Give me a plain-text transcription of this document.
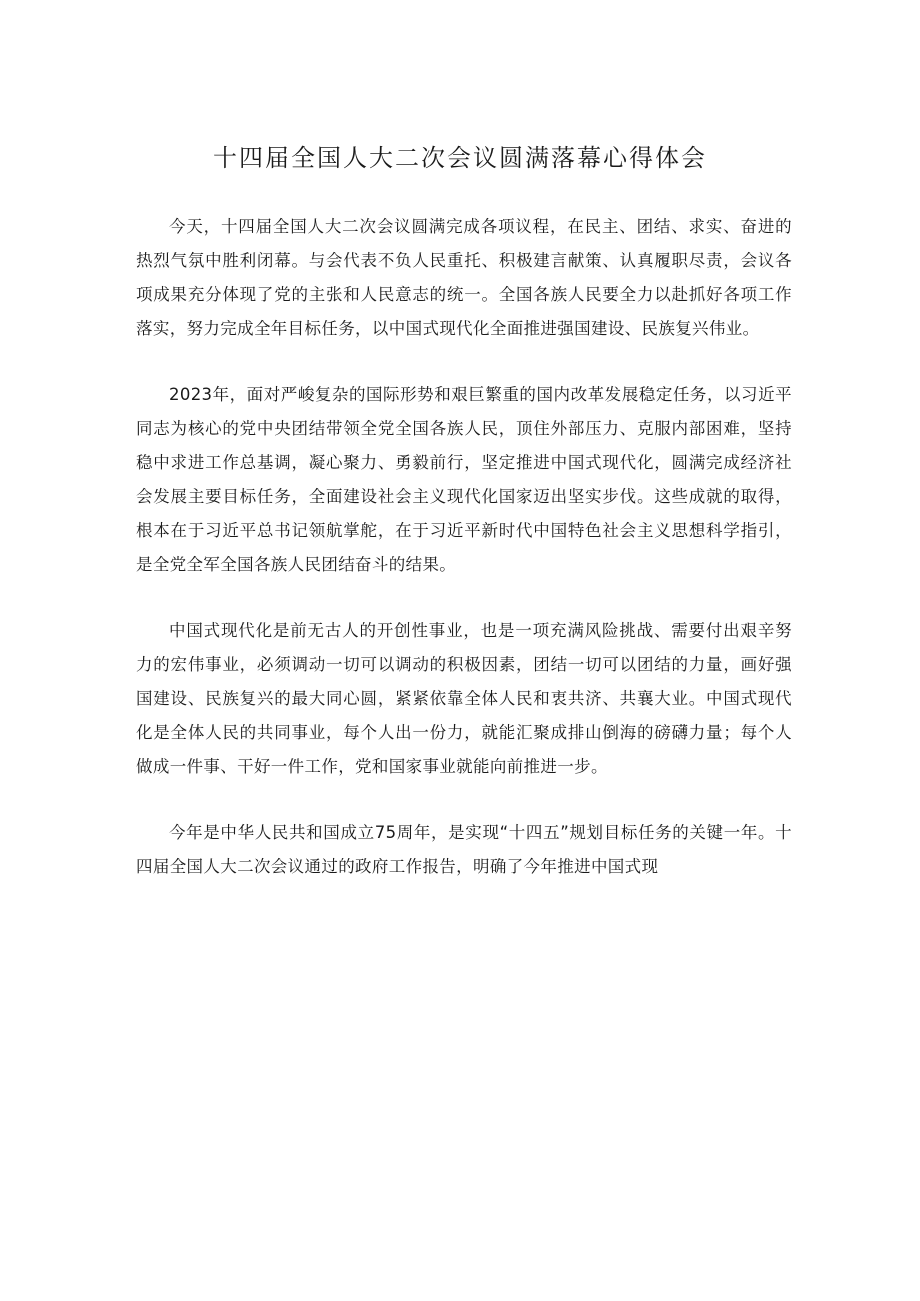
十四届全国人大二次会议圆满落幕心得体会

今天，十四届全国人大二次会议圆满完成各项议程，在民主、团结、求实、奋进的热烈气氛中胜利闭幕。与会代表不负人民重托、积极建言献策、认真履职尽责，会议各项成果充分体现了党的主张和人民意志的统一。全国各族人民要全力以赴抓好各项工作落实，努力完成全年目标任务，以中国式现代化全面推进强国建设、民族复兴伟业。

2023年，面对严峻复杂的国际形势和艰巨繁重的国内改革发展稳定任务，以习近平同志为核心的党中央团结带领全党全国各族人民，顶住外部压力、克服内部困难，坚持稳中求进工作总基调，凝心聚力、勇毅前行，坚定推进中国式现代化，圆满完成经济社会发展主要目标任务，全面建设社会主义现代化国家迈出坚实步伐。这些成就的取得，根本在于习近平总书记领航掌舵，在于习近平新时代中国特色社会主义思想科学指引，是全党全军全国各族人民团结奋斗的结果。

中国式现代化是前无古人的开创性事业，也是一项充满风险挑战、需要付出艰辛努力的宏伟事业，必须调动一切可以调动的积极因素，团结一切可以团结的力量，画好强国建设、民族复兴的最大同心圆，紧紧依靠全体人民和衷共济、共襄大业。中国式现代化是全体人民的共同事业，每个人出一份力，就能汇聚成排山倒海的磅礴力量；每个人做成一件事、干好一件工作，党和国家事业就能向前推进一步。

今年是中华人民共和国成立75周年，是实现“十四五”规划目标任务的关键一年。十四届全国人大二次会议通过的政府工作报告，明确了今年推进中国式现
